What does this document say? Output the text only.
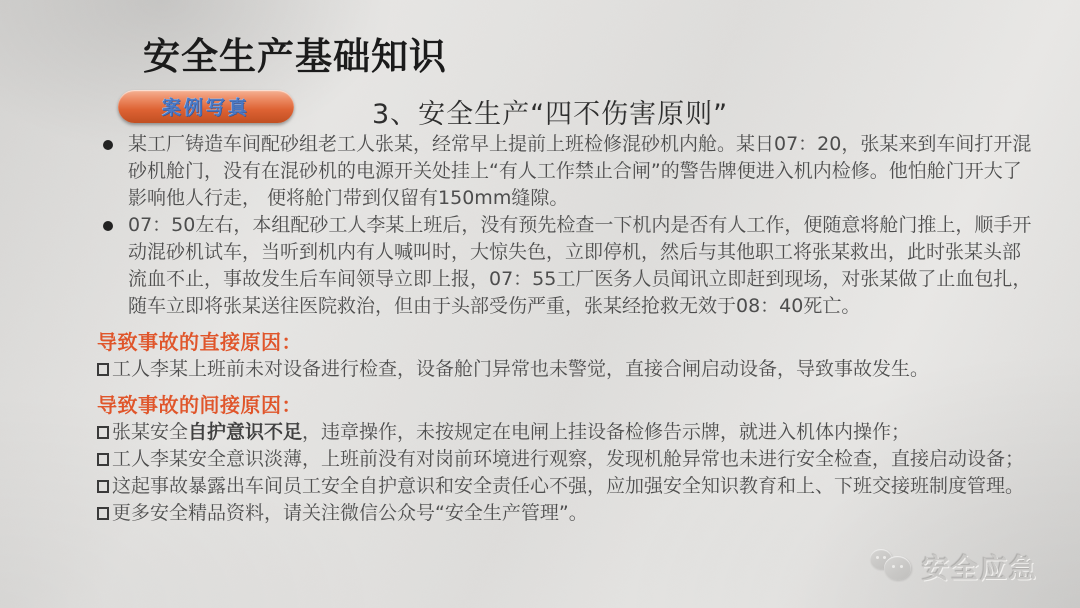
安全生产基础知识
案例写真	3、安全生产“四不伤害原则”
某工厂铸造车间配砂组老工人张某，经常早上提前上班检修混砂机内舱。某日07：20，张某来到车间打开混砂机舱门，没有在混砂机的电源开关处挂上“有人工作禁止合闸”的警告牌便进入机内检修。他怕舱门开大了影响他人行走， 便将舱门带到仅留有150mm缝隙。
07：50左右，本组配砂工人李某上班后，没有预先检查一下机内是否有人工作，便随意将舱门推上，顺手开动混砂机试车，当听到机内有人喊叫时，大惊失色，立即停机，然后与其他职工将张某救出，此时张某头部流血不止，事故发生后车间领导立即上报，07：55工厂医务人员闻讯立即赶到现场，对张某做了止血包扎，随车立即将张某送往医院救治，但由于头部受伤严重，张某经抢救无效于08：40死亡。
导致事故的直接原因：
工人李某上班前未对设备进行检查，设备舱门异常也未警觉，直接合闸启动设备，导致事故发生。
导致事故的间接原因：
张某安全自护意识不足，违章操作，未按规定在电闸上挂设备检修告示牌，就进入机体内操作；
工人李某安全意识淡薄，上班前没有对岗前环境进行观察，发现机舱异常也未进行安全检查，直接启动设备；
这起事故暴露出车间员工安全自护意识和安全责任心不强，应加强安全知识教育和上、下班交接班制度管理。
更多安全精品资料，请关注微信公众号“安全生产管理”。
安全应急
